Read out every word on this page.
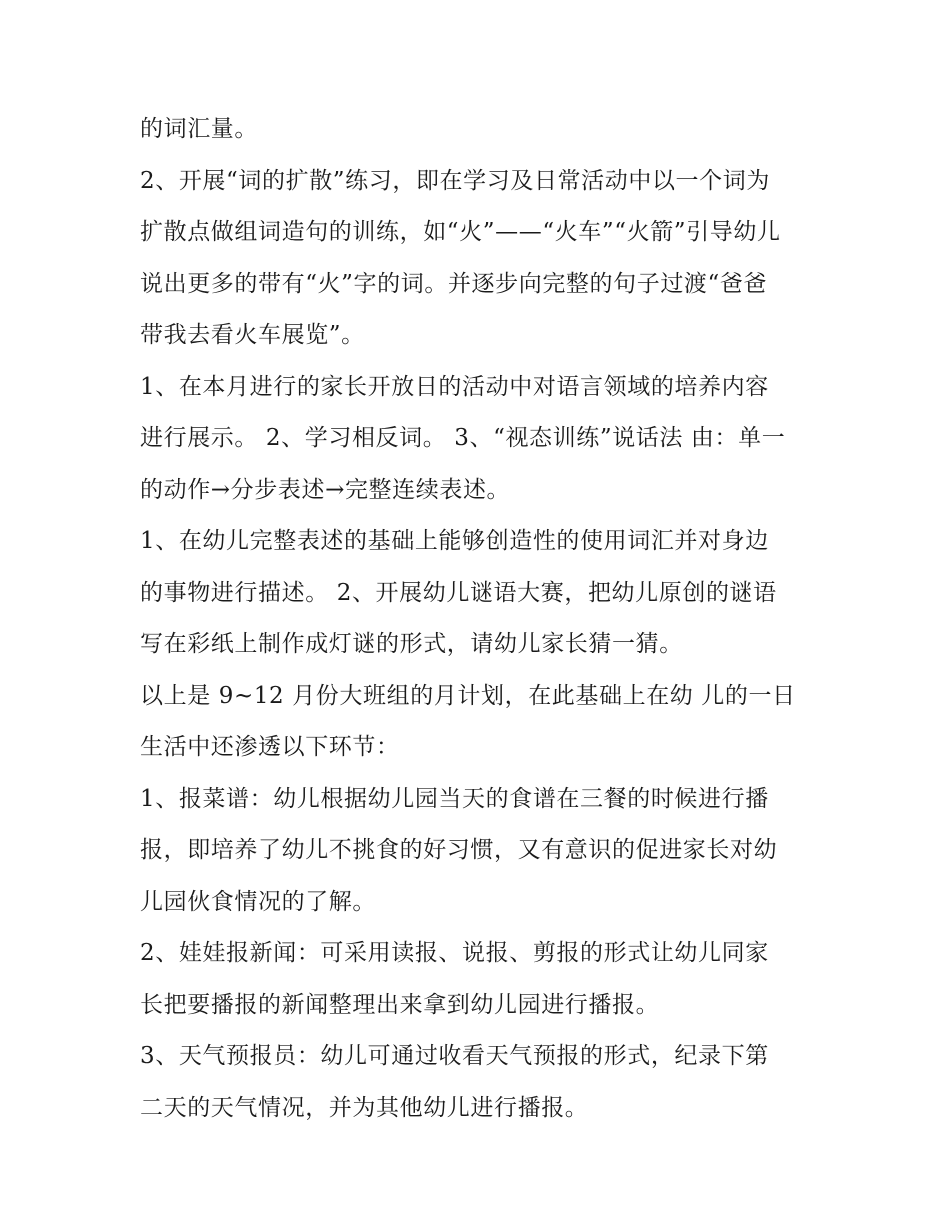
的词汇量。
2、开展“词的扩散”练习，即在学习及日常活动中以一个词为
扩散点做组词造句的训练，如“火”——“火车”“火箭”引导幼儿
说出更多的带有“火”字的词。并逐步向完整的句子过渡“爸爸
带我去看火车展览”。
1、在本月进行的家长开放日的活动中对语言领域的培养内容
进行展示。 2、学习相反词。 3、“视态训练”说话法 由：单一
的动作→分步表述→完整连续表述。
1、在幼儿完整表述的基础上能够创造性的使用词汇并对身边
的事物进行描述。 2、开展幼儿谜语大赛，把幼儿原创的谜语
写在彩纸上制作成灯谜的形式，请幼儿家长猜一猜。
以上是 9~12 月份大班组的月计划，在此基础上在幼 儿的一日
生活中还渗透以下环节：
1、报菜谱：幼儿根据幼儿园当天的食谱在三餐的时候进行播
报，即培养了幼儿不挑食的好习惯，又有意识的促进家长对幼
儿园伙食情况的了解。
2、娃娃报新闻：可采用读报、说报、剪报的形式让幼儿同家
长把要播报的新闻整理出来拿到幼儿园进行播报。
3、天气预报员：幼儿可通过收看天气预报的形式，纪录下第
二天的天气情况，并为其他幼儿进行播报。
